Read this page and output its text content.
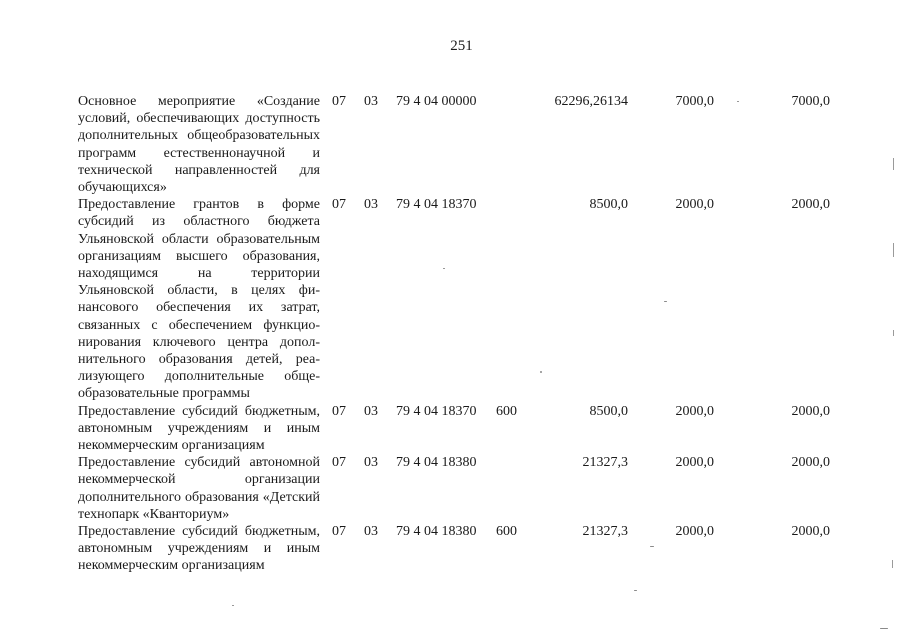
251
Основное мероприятие «Создание условий, обеспечивающих доступность дополнительных общеобразовательных программ естественнонаучной и технической направленностей для обучающихся»
07 03 79 4 04 00000	62296,26134	7000,0	7000,0
Предоставление грантов в форме субсидий из областного бюджета Ульяновской области образовательным организациям высшего образования, находящимся на территории Ульяновской области, в целях финансового обеспечения их затрат, связанных с обеспечением функционирования ключевого центра дополнительного образования детей, реализующего дополнительные общеобразовательные программы
07 03 79 4 04 18370	8500,0	2000,0	2000,0
Предоставление субсидий бюджетным, автономным учреждениям и иным некоммерческим организациям
07 03 79 4 04 18370 600	8500,0	2000,0	2000,0
Предоставление субсидий автономной некоммерческой организации дополнительного образования «Детский технопарк «Кванториум»
07 03 79 4 04 18380	21327,3	2000,0	2000,0
Предоставление субсидий бюджетным, автономным учреждениям и иным некоммерческим организациям
07 03 79 4 04 18380 600	21327,3	2000,0	2000,0
